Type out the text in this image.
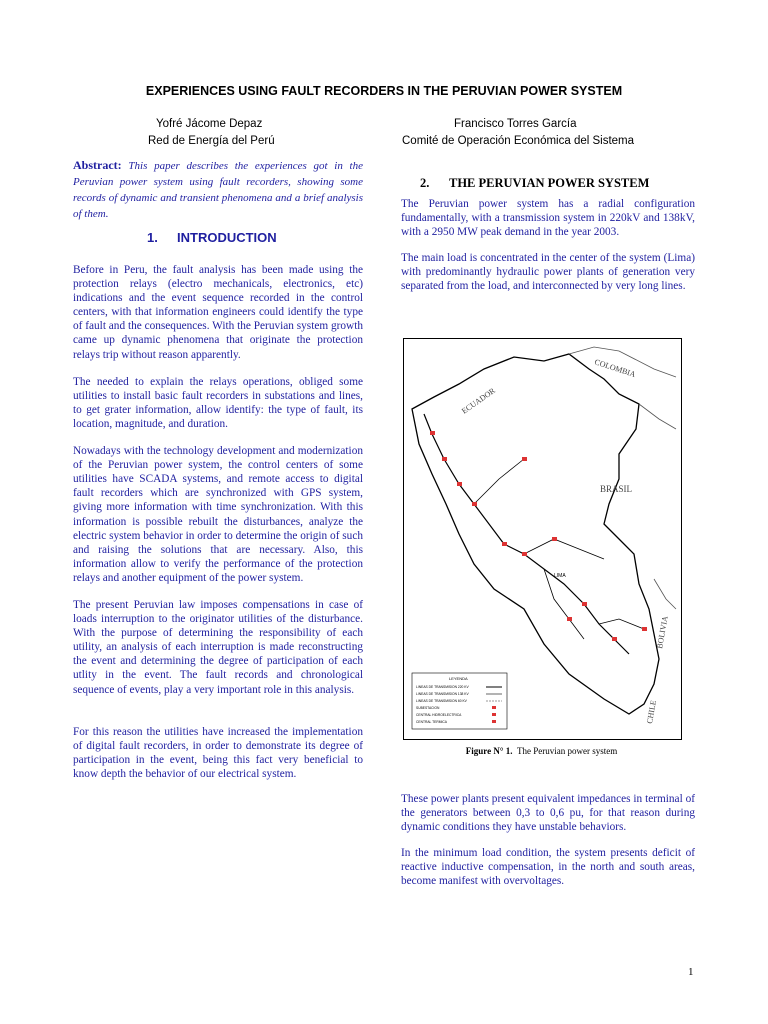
EXPERIENCES USING FAULT RECORDERS IN THE PERUVIAN POWER SYSTEM
Yofré Jácome Depaz
Red de Energía del Perú
Francisco Torres García
Comité de Operación Económica del Sistema
Abstract: This paper describes the experiences got in the Peruvian power system using fault recorders, showing some records of dynamic and transient phenomena and a brief analysis of them.
1. INTRODUCTION

Before in Peru, the fault analysis has been made using the protection relays (electro mechanicals, electronics, etc) indications and the event sequence recorded in the control centers, with that information engineers could identify the type of fault and the consequences. With the Peruvian system growth came up dynamic phenomena that originate the protection relays trip without reason apparently.

The needed to explain the relays operations, obliged some utilities to install basic fault recorders in substations and lines, to get grater information, allow identify: the type of fault, its location, magnitude, and duration.

Nowadays with the technology development and modernization of the Peruvian power system, the control centers of some utilities have SCADA systems, and remote access to digital fault recorders which are synchronized with GPS system, giving more information with time synchronization. With this information is possible rebuilt the disturbances, analyze the electric system behavior in order to determine the origin of such and raising the solutions that are necessary. Also, this information allow to verify the performance of the protection relays and another equipment of the power system.

The present Peruvian law imposes compensations in case of loads interruption to the originator utilities of the disturbance. With the purpose of determining the responsibility of each utility, an analysis of each interruption is made reconstructing the event and determining the degree of participation of each utlity in the event. The fault records and chronological sequence of events, play a very important role in this analysis.

For this reason the utilities have increased the implementation of digital fault recorders, in order to demonstrate its degree of participation in the event, being this fact very beneficial to know depth the behavior of our electrical system.

2. THE PERUVIAN POWER SYSTEM

The Peruvian power system has a radial configuration fundamentally, with a transmission system in 220kV and 138kV, with a 2950 MW peak demand in the year 2003.

The main load is concentrated in the center of the system (Lima) with predominantly hydraulic power plants of generation very separated from the load, and interconnected by very long lines.

COLOMBIA
ECUADOR
BRASIL
BOLIVIA
CHILE
LIMA
LEYENDA
LINEAS DE TRANSMISION 220 KV
LINEAS DE TRANSMISION 138 KV
LINEAS DE TRANSMISION 60 KV
SUBESTACION
CENTRAL HIDROELECTRICA
CENTRAL TERMICA
Figure N° 1. The Peruvian power system

These power plants present equivalent impedances in terminal of the generators between 0,3 to 0,6 pu, for that reason during dynamic conditions they have unstable behaviors.

In the minimum load condition, the system presents deficit of reactive inductive compensation, in the north and south areas, become manifest with overvoltages.

1
